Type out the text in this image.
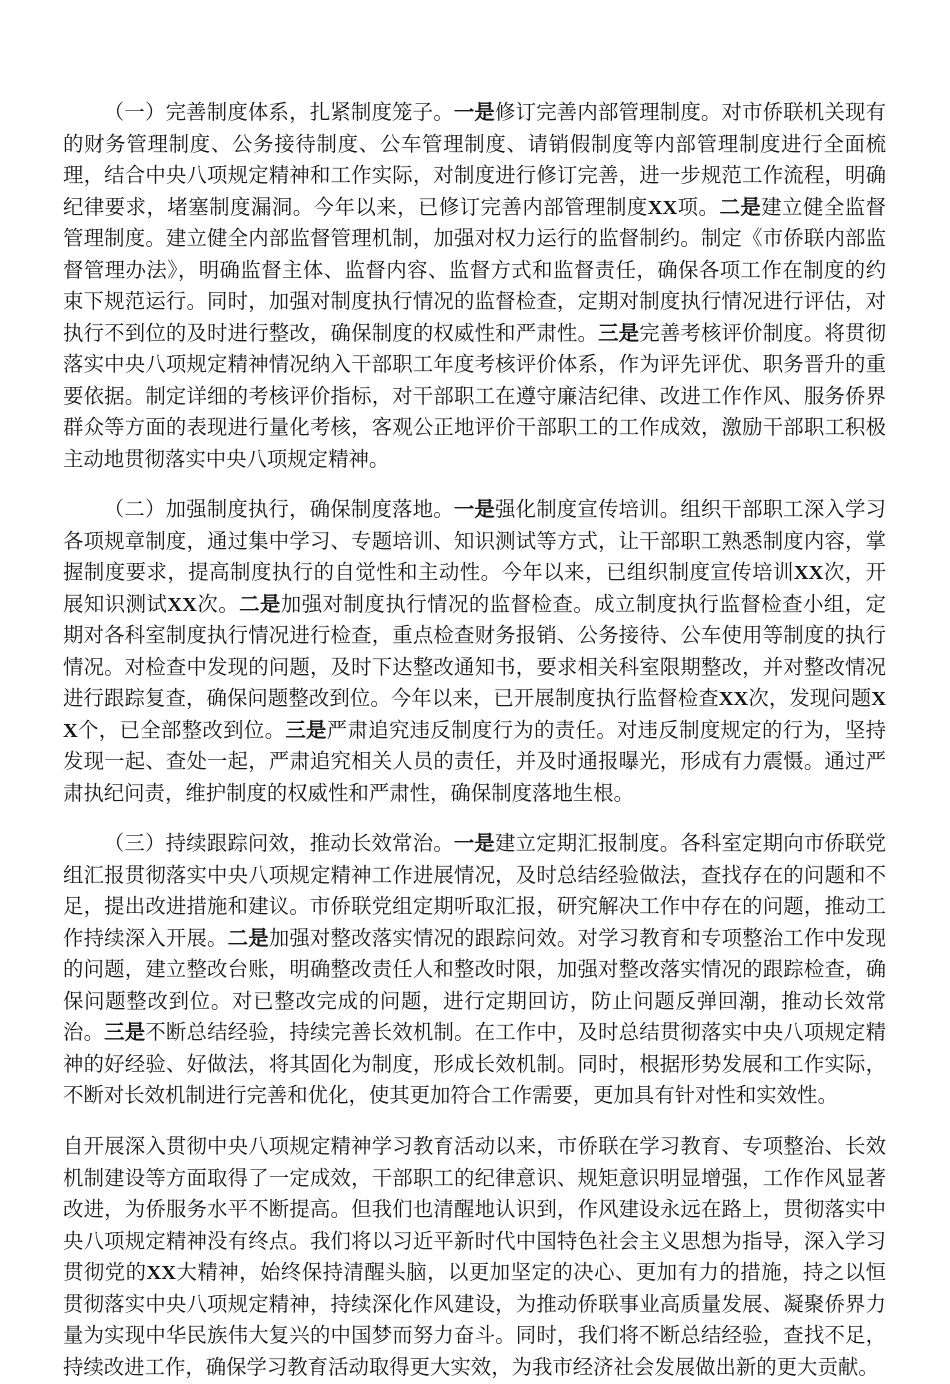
（一）完善制度体系，扎紧制度笼子。一是修订完善内部管理制度。对市侨联机关现有的财务管理制度、公务接待制度、公车管理制度、请销假制度等内部管理制度进行全面梳理，结合中央八项规定精神和工作实际，对制度进行修订完善，进一步规范工作流程，明确纪律要求，堵塞制度漏洞。今年以来，已修订完善内部管理制度XX项。二是建立健全监督管理制度。建立健全内部监督管理机制，加强对权力运行的监督制约。制定《市侨联内部监督管理办法》，明确监督主体、监督内容、监督方式和监督责任，确保各项工作在制度的约束下规范运行。同时，加强对制度执行情况的监督检查，定期对制度执行情况进行评估，对执行不到位的及时进行整改，确保制度的权威性和严肃性。三是完善考核评价制度。将贯彻落实中央八项规定精神情况纳入干部职工年度考核评价体系，作为评先评优、职务晋升的重要依据。制定详细的考核评价指标，对干部职工在遵守廉洁纪律、改进工作作风、服务侨界群众等方面的表现进行量化考核，客观公正地评价干部职工的工作成效，激励干部职工积极主动地贯彻落实中央八项规定精神。

（二）加强制度执行，确保制度落地。一是强化制度宣传培训。组织干部职工深入学习各项规章制度，通过集中学习、专题培训、知识测试等方式，让干部职工熟悉制度内容，掌握制度要求，提高制度执行的自觉性和主动性。今年以来，已组织制度宣传培训XX次，开展知识测试XX次。二是加强对制度执行情况的监督检查。成立制度执行监督检查小组，定期对各科室制度执行情况进行检查，重点检查财务报销、公务接待、公车使用等制度的执行情况。对检查中发现的问题，及时下达整改通知书，要求相关科室限期整改，并对整改情况进行跟踪复查，确保问题整改到位。今年以来，已开展制度执行监督检查XX次，发现问题XX个，已全部整改到位。三是严肃追究违反制度行为的责任。对违反制度规定的行为，坚持发现一起、查处一起，严肃追究相关人员的责任，并及时通报曝光，形成有力震慑。通过严肃执纪问责，维护制度的权威性和严肃性，确保制度落地生根。

（三）持续跟踪问效，推动长效常治。一是建立定期汇报制度。各科室定期向市侨联党组汇报贯彻落实中央八项规定精神工作进展情况，及时总结经验做法，查找存在的问题和不足，提出改进措施和建议。市侨联党组定期听取汇报，研究解决工作中存在的问题，推动工作持续深入开展。二是加强对整改落实情况的跟踪问效。对学习教育和专项整治工作中发现的问题，建立整改台账，明确整改责任人和整改时限，加强对整改落实情况的跟踪检查，确保问题整改到位。对已整改完成的问题，进行定期回访，防止问题反弹回潮，推动长效常治。三是不断总结经验，持续完善长效机制。在工作中，及时总结贯彻落实中央八项规定精神的好经验、好做法，将其固化为制度，形成长效机制。同时，根据形势发展和工作实际，不断对长效机制进行完善和优化，使其更加符合工作需要，更加具有针对性和实效性。

自开展深入贯彻中央八项规定精神学习教育活动以来，市侨联在学习教育、专项整治、长效机制建设等方面取得了一定成效，干部职工的纪律意识、规矩意识明显增强，工作作风显著改进，为侨服务水平不断提高。但我们也清醒地认识到，作风建设永远在路上，贯彻落实中央八项规定精神没有终点。我们将以习近平新时代中国特色社会主义思想为指导，深入学习贯彻党的XX大精神，始终保持清醒头脑，以更加坚定的决心、更加有力的措施，持之以恒贯彻落实中央八项规定精神，持续深化作风建设，为推动侨联事业高质量发展、凝聚侨界力量为实现中华民族伟大复兴的中国梦而努力奋斗。同时，我们将不断总结经验，查找不足，持续改进工作，确保学习教育活动取得更大实效，为我市经济社会发展做出新的更大贡献。
